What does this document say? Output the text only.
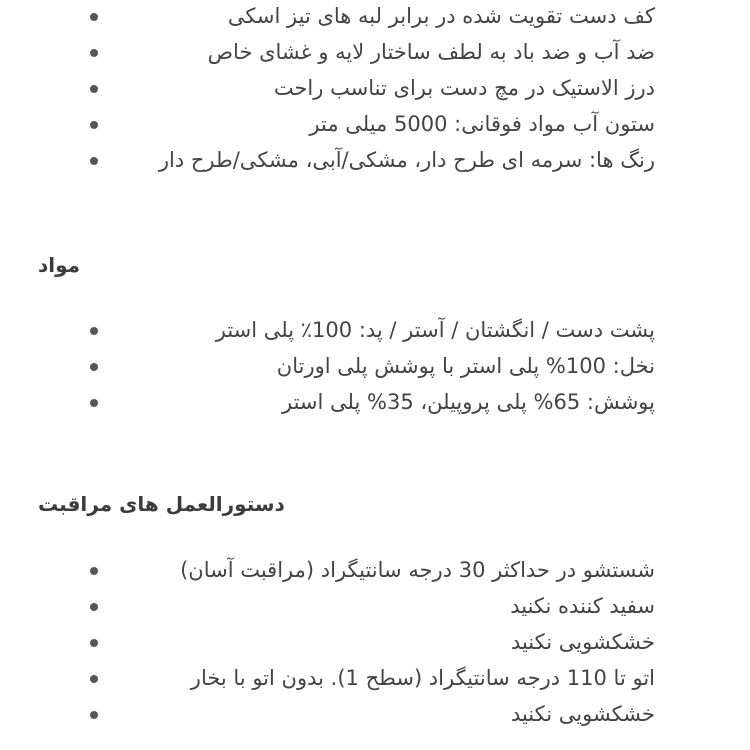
کف دست تقویت شده در برابر لبه های تیز اسکی
ضد آب و ضد باد به لطف ساختار لایه و غشای خاص
درز الاستیک در مچ دست برای تناسب راحت
ستون آب مواد فوقانی: 5000 میلی متر
رنگ ها: سرمه ای طرح دار، مشکی/آبی، مشکی/طرح دار
مواد
پشت دست / انگشتان / آستر / پد: 100٪ پلی استر
نخل: 100% پلی استر با پوشش پلی اورتان
پوشش: 65% پلی پروپیلن، 35% پلی استر
دستورالعمل های مراقبت
شستشو در حداکثر 30 درجه سانتیگراد (مراقبت آسان)
سفید کننده نکنید
خشکشویی نکنید
اتو تا 110 درجه سانتیگراد (سطح 1). بدون اتو با بخار
خشکشویی نکنید
